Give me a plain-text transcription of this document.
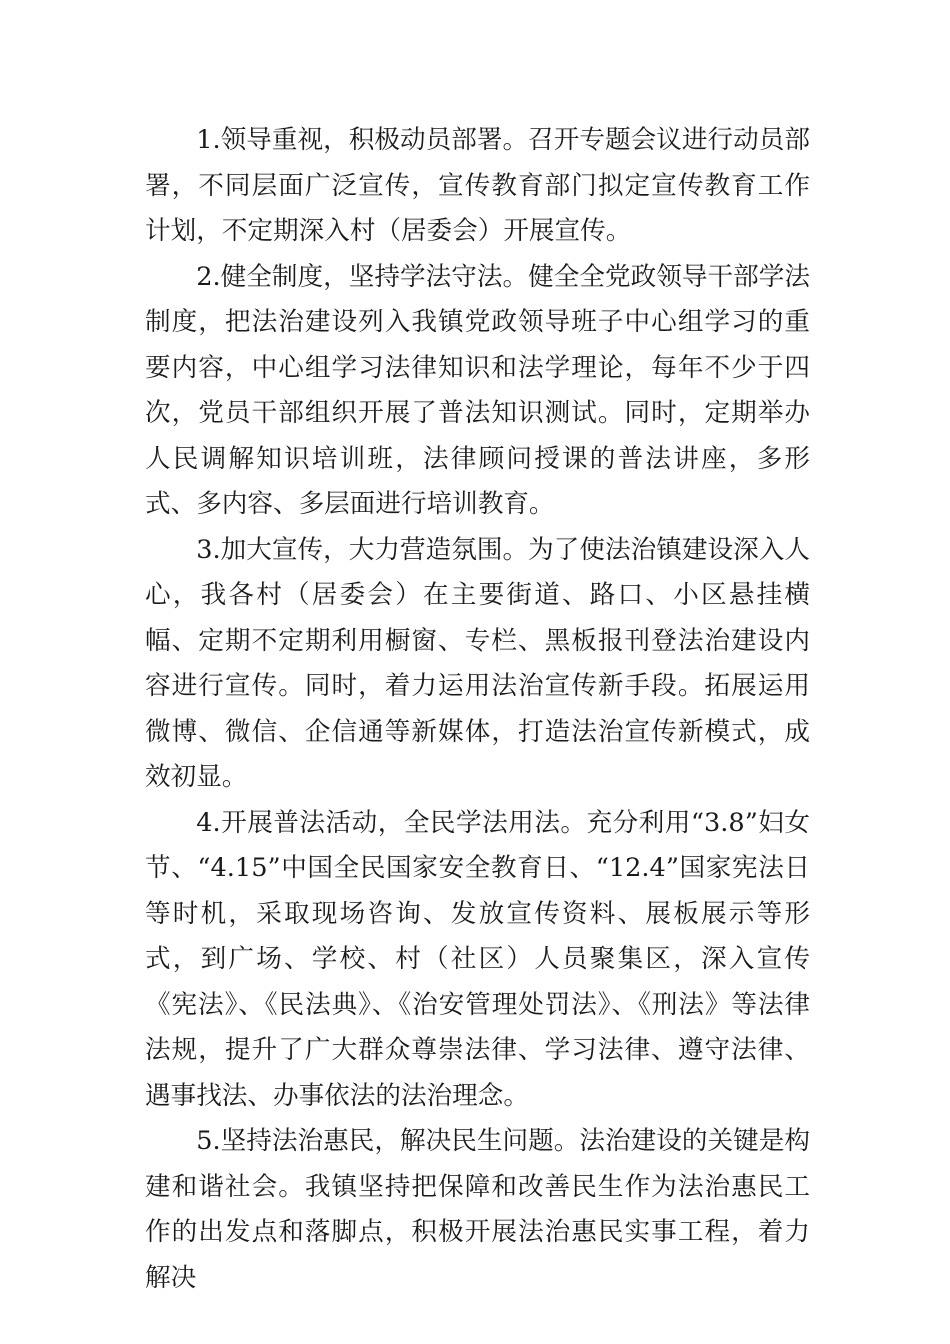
1.领导重视，积极动员部署。召开专题会议进行动员部署，不同层面广泛宣传，宣传教育部门拟定宣传教育工作计划，不定期深入村（居委会）开展宣传。

2.健全制度，坚持学法守法。健全全党政领导干部学法制度，把法治建设列入我镇党政领导班子中心组学习的重要内容，中心组学习法律知识和法学理论，每年不少于四次，党员干部组织开展了普法知识测试。同时，定期举办人民调解知识培训班，法律顾问授课的普法讲座，多形式、多内容、多层面进行培训教育。

3.加大宣传，大力营造氛围。为了使法治镇建设深入人心，我各村（居委会）在主要街道、路口、小区悬挂横幅、定期不定期利用橱窗、专栏、黑板报刊登法治建设内容进行宣传。同时，着力运用法治宣传新手段。拓展运用微博、微信、企信通等新媒体，打造法治宣传新模式，成效初显。

4.开展普法活动，全民学法用法。充分利用“3.8”妇女节、“4.15”中国全民国家安全教育日、“12.4”国家宪法日等时机，采取现场咨询、发放宣传资料、展板展示等形式，到广场、学校、村（社区）人员聚集区，深入宣传《宪法》、《民法典》、《治安管理处罚法》、《刑法》等法律法规，提升了广大群众尊崇法律、学习法律、遵守法律、遇事找法、办事依法的法治理念。

5.坚持法治惠民，解决民生问题。法治建设的关键是构建和谐社会。我镇坚持把保障和改善民生作为法治惠民工作的出发点和落脚点，积极开展法治惠民实事工程，着力解决
